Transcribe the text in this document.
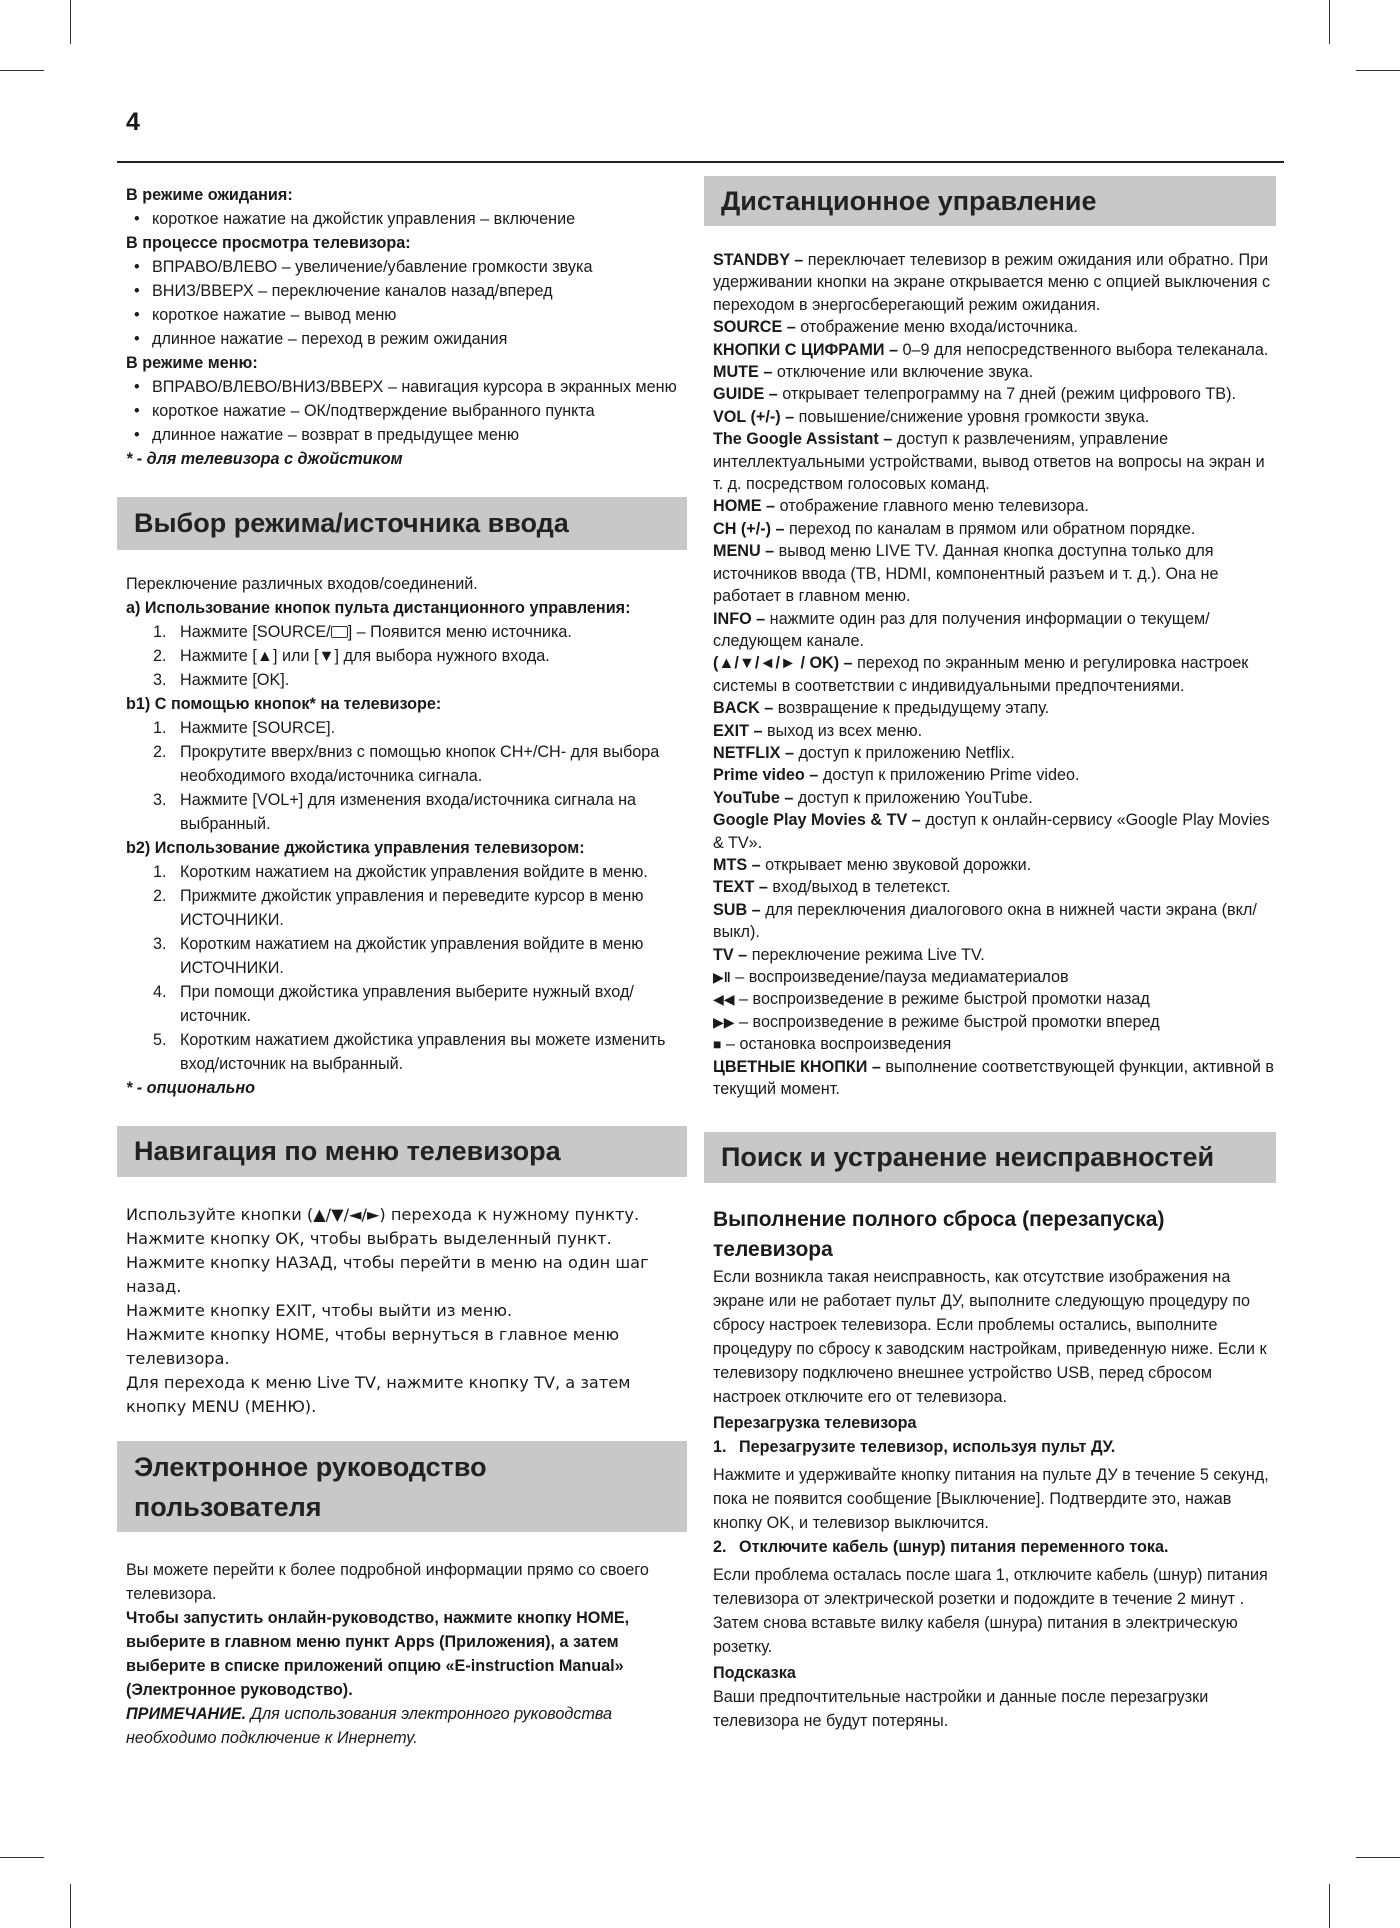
4

В режиме ожидания:

• короткое нажатие на джойстик управления – включение

В процессе просмотра телевизора:

• ВПРАВО/ВЛЕВО – увеличение/убавление громкости звука
• ВНИЗ/ВВЕРХ – переключение каналов назад/вперед
• короткое нажатие – вывод меню
• длинное нажатие – переход в режим ожидания

В режиме меню:

• ВПРАВО/ВЛЕВО/ВНИЗ/ВВЕРХ – навигация курсора в экранных меню
• короткое нажатие – ОК/подтверждение выбранного пункта
• длинное нажатие – возврат в предыдущее меню

* - для телевизора с джойстиком

Выбор режима/источника ввода

Переключение различных входов/соединений.

a) Использование кнопок пульта дистанционного управления:

1. Нажмите [SOURCE/ ] – Появится меню источника.
2. Нажмите [▲] или [▼] для выбора нужного входа.
3. Нажмите [OK].

b1) С помощью кнопок* на телевизоре:

1. Нажмите [SOURCE].
2. Прокрутите вверх/вниз с помощью кнопок CH+/CH- для выбора необходимого входа/источника сигнала.
3. Нажмите [VOL+] для изменения входа/источника сигнала на выбранный.

b2) Использование джойстика управления телевизором:

1. Коротким нажатием на джойстик управления войдите в меню.
2. Прижмите джойстик управления и переведите курсор в меню ИСТОЧНИКИ.
3. Коротким нажатием на джойстик управления войдите в меню ИСТОЧНИКИ.
4. При помощи джойстика управления выберите нужный вход/ источник.
5. Коротким нажатием джойстика управления вы можете изменить вход/источник на выбранный.

* - опционально

Навигация по меню телевизора

Используйте кнопки (▲/▼/◄/►) перехода к нужному пункту.

Нажмите кнопку ОК, чтобы выбрать выделенный пункт.

Нажмите кнопку НАЗАД, чтобы перейти в меню на один шаг назад.

Нажмите кнопку EXIT, чтобы выйти из меню.

Нажмите кнопку HOME, чтобы вернуться в главное меню телевизора.

Для перехода к меню Live TV, нажмите кнопку TV, а затем кнопку MENU (МЕНЮ).

Электронное руководство пользователя

Вы можете перейти к более подробной информации прямо со своего телевизора.

Чтобы запустить онлайн-руководство, нажмите кнопку HOME, выберите в главном меню пункт Apps (Приложения), а затем выберите в списке приложений опцию «E-instruction Manual» (Электронное руководство).

ПРИМЕЧАНИЕ. Для использования электронного руководства необходимо подключение к Инернету.

Дистанционное управление

STANDBY – переключает телевизор в режим ожидания или обратно. При удерживании кнопки на экране открывается меню с опцией выключения с переходом в энергосберегающий режим ожидания.

SOURCE – отображение меню входа/источника.

КНОПКИ С ЦИФРАМИ – 0–9 для непосредственного выбора телеканала.

MUTE – отключение или включение звука.

GUIDE – открывает телепрограмму на 7 дней (режим цифрового ТВ).

VOL (+/-) – повышение/снижение уровня громкости звука.

The Google Assistant – доступ к развлечениям, управление интеллектуальными устройствами, вывод ответов на вопросы на экран и т. д. посредством голосовых команд.

HOME – отображение главного меню телевизора.

CH (+/-) – переход по каналам в прямом или обратном порядке.

MENU – вывод меню LIVE TV. Данная кнопка доступна только для источников ввода (ТВ, HDMI, компонентный разъем и т. д.). Она не работает в главном меню.

INFO – нажмите один раз для получения информации о текущем/ следующем канале.

(▲/▼/◄/► / OK) – переход по экранным меню и регулировка настроек системы в соответствии с индивидуальными предпочтениями.

BACK – возвращение к предыдущему этапу.

EXIT – выход из всех меню.

NETFLIX – доступ к приложению Netflix.

Prime video – доступ к приложению Prime video.

YouTube – доступ к приложению YouTube.

Google Play Movies & TV – доступ к онлайн-сервису «Google Play Movies & TV».

MTS – открывает меню звуковой дорожки.

TEXT – вход/выход в телетекст.

SUB – для переключения диалогового окна в нижней части экрана (вкл/выкл).

TV – переключение режима Live TV.

▶‖ – воспроизведение/пауза медиаматериалов

◀◀ – воспроизведение в режиме быстрой промотки назад

▶▶ – воспроизведение в режиме быстрой промотки вперед

■ – остановка воспроизведения

ЦВЕТНЫЕ КНОПКИ – выполнение соответствующей функции, активной в текущий момент.

Поиск и устранение неисправностей

Выполнение полного сброса (перезапуска) телевизора

Если возникла такая неисправность, как отсутствие изображения на экране или не работает пульт ДУ, выполните следующую процедуру по сбросу настроек телевизора. Если проблемы остались, выполните процедуру по сбросу к заводским настройкам, приведенную ниже. Если к телевизору подключено внешнее устройство USB, перед сбросом настроек отключите его от телевизора.

Перезагрузка телевизора

1. Перезагрузите телевизор, используя пульт ДУ.

Нажмите и удерживайте кнопку питания на пульте ДУ в течение 5 секунд, пока не появится сообщение [Выключение]. Подтвердите это, нажав кнопку OK, и телевизор выключится.

2. Отключите кабель (шнур) питания переменного тока.

Если проблема осталась после шага 1, отключите кабель (шнур) питания телевизора от электрической розетки и подождите в течение 2 минут . Затем снова вставьте вилку кабеля (шнура) питания в электрическую розетку.

Подсказка

Ваши предпочтительные настройки и данные после перезагрузки телевизора не будут потеряны.
